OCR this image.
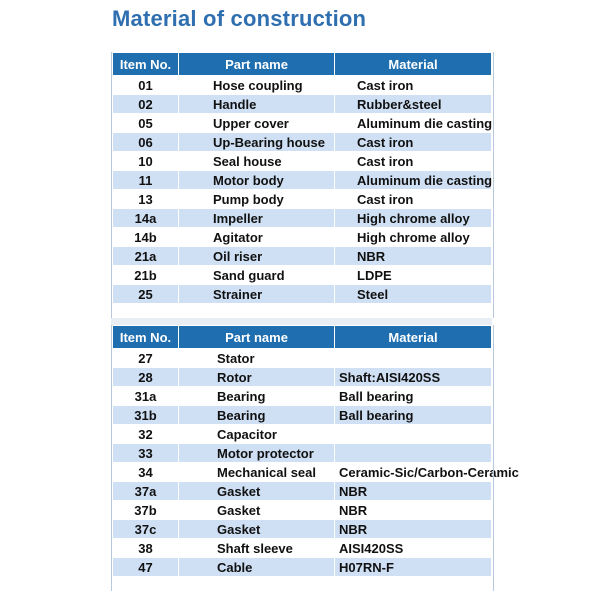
Material of construction
Item No.	Part name	Material
01	Hose coupling	Cast iron
02	Handle	Rubber&steel
05	Upper cover	Aluminum die casting
06	Up-Bearing house	Cast iron
10	Seal house	Cast iron
11	Motor body	Aluminum die casting
13	Pump body	Cast iron
14a	Impeller	High chrome alloy
14b	Agitator	High chrome alloy
21a	Oil riser	NBR
21b	Sand guard	LDPE
25	Strainer	Steel
Item No.	Part name	Material
27	Stator	
28	Rotor	Shaft:AISI420SS
31a	Bearing	Ball bearing
31b	Bearing	Ball bearing
32	Capacitor	
33	Motor protector	
34	Mechanical seal	Ceramic-Sic/Carbon-Ceramic
37a	Gasket	NBR
37b	Gasket	NBR
37c	Gasket	NBR
38	Shaft sleeve	AISI420SS
47	Cable	H07RN-F
